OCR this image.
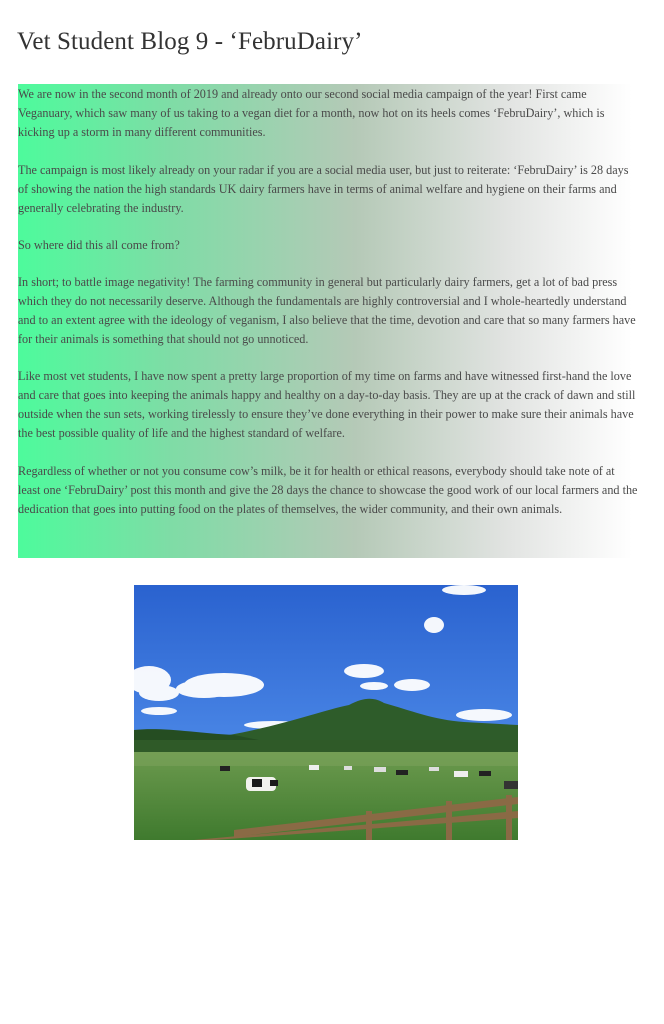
Vet Student Blog 9 - ‘FebruDairy’

We are now in the second month of 2019 and already onto our second social media campaign of the year! First came Veganuary, which saw many of us taking to a vegan diet for a month, now hot on its heels comes ‘FebruDairy’, which is kicking up a storm in many different communities.

The campaign is most likely already on your radar if you are a social media user, but just to reiterate: ‘FebruDairy’ is 28 days of showing the nation the high standards UK dairy farmers have in terms of animal welfare and hygiene on their farms and generally celebrating the industry.

So where did this all come from?

In short; to battle image negativity! The farming community in general but particularly dairy farmers, get a lot of bad press which they do not necessarily deserve. Although the fundamentals are highly controversial and I whole-heartedly understand and to an extent agree with the ideology of veganism, I also believe that the time, devotion and care that so many farmers have for their animals is something that should not go unnoticed.

Like most vet students, I have now spent a pretty large proportion of my time on farms and have witnessed first-hand the love and care that goes into keeping the animals happy and healthy on a day-to-day basis. They are up at the crack of dawn and still outside when the sun sets, working tirelessly to ensure they’ve done everything in their power to make sure their animals have the best possible quality of life and the highest standard of welfare.

Regardless of whether or not you consume cow’s milk, be it for health or ethical reasons, everybody should take note of at least one ‘FebruDairy’ post this month and give the 28 days the chance to showcase the good work of our local farmers and the dedication that goes into putting food on the plates of themselves, the wider community, and their own animals.
